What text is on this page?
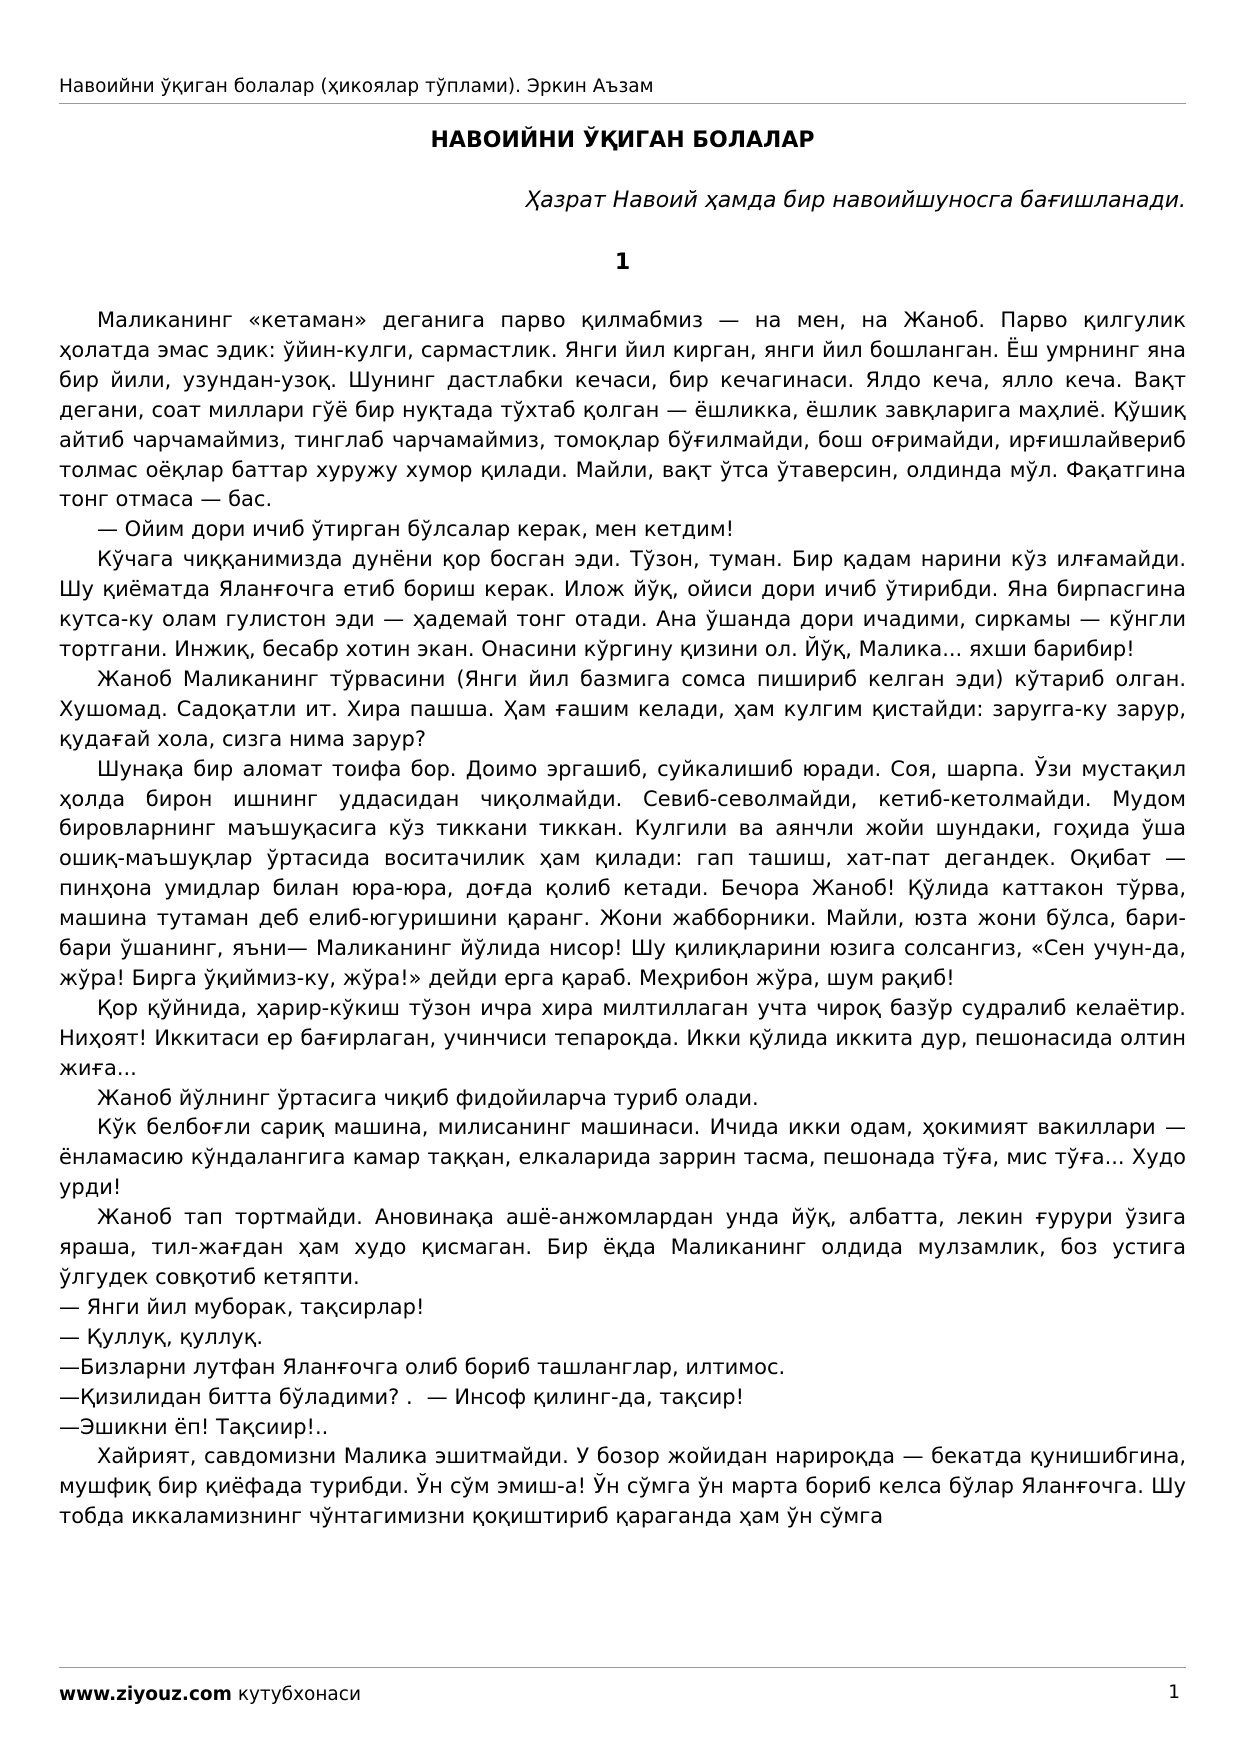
Навоийни ўқиган болалар (ҳикоялар тўплами). Эркин Аъзам
НАВОИЙНИ ЎҚИГАН БОЛАЛАР
Ҳазрат Навоий ҳамда бир навоийшуносга бағишланади.
1

Маликанинг «кетаман» деганига парво қилмабмиз — на мен, на Жаноб. Парво қилгулик ҳолатда эмас эдик: ўйин-кулги, сармастлик. Янги йил кирган, янги йил бошланган. Ёш умрнинг яна бир йили, узундан-узоқ. Шунинг дастлабки кечаси, бир кечагинаси. Ялдо кеча, ялло кеча. Вақт дегани, соат миллари гўё бир нуқтада тўхтаб қолган — ёшликка, ёшлик завқларига маҳлиё. Қўшиқ айтиб чарчамаймиз, тинглаб чарчамаймиз, томоқлар бўғилмайди, бош оғримайди, ирғишлайвериб толмас оёқлар баттар хуружу хумор қилади. Майли, вақт ўтса ўтаверсин, олдинда мўл. Фақатгина тонг отмаса — бас.

— Ойим дори ичиб ўтирган бўлсалар керак, мен кетдим!

Кўчага чиққанимизда дунёни қор босган эди. Тўзон, туман. Бир қадам нарини кўз илғамайди. Шу қиёматда Яланғочга етиб бориш керак. Илож йўқ, ойиси дори ичиб ўтирибди. Яна бирпасгина кутса-ку олам гулистон эди — ҳадемай тонг отади. Ана ўшанда дори ичадими, сиркамы — кўнгли тортгани. Инжиқ, бесабр хотин экан. Онасини кўргину қизини ол. Йўқ, Малика... яхши барибир!

Жаноб Маликанинг тўрвасини (Янги йил базмига сомса пишириб келган эди) кўтариб олган. Хушомад. Садоқатли ит. Хира пашша. Ҳам ғашим келади, ҳам кулгим қистайди: заруrга-ку зарур, қудағай хола, сизга нима зарур?

Шунақа бир аломат тоифа бор. Доимо эргашиб, суйкалишиб юради. Соя, шарпа. Ўзи мустақил ҳолда бирон ишнинг уддасидан чиқолмайди. Севиб-севолмайди, кетиб-кетолмайди. Мудом бировларнинг маъшуқасига кўз тиккани тиккан. Кулгили ва аянчли жойи шундаки, гоҳида ўша ошиқ-маъшуқлар ўртасида воситачилик ҳам қилади: гап ташиш, хат-пат дегандек. Оқибат — пинҳона умидлар билан юра-юра, доғда қолиб кетади. Бечора Жаноб! Қўлида каттакон тўрва, машина тутаман деб елиб-югуришини қаранг. Жони жабборники. Майли, юзта жони бўлса, бари-бари ўшанинг, яъни— Маликанинг йўлида нисор! Шу қилиқларини юзига солсангиз, «Сен учун-да, жўра! Бирга ўқиймиз-ку, жўра!» дейди ерга қараб. Меҳрибон жўра, шум рақиб!

Қор қўйнида, ҳарир-кўкиш тўзон ичра хира милтиллаган учта чироқ базўр судралиб келаётир. Ниҳоят! Иккитаси ер бағирлаган, учинчиси тепароқда. Икки қўлида иккита дур, пешонасида олтин жиға...

Жаноб йўлнинг ўртасига чиқиб фидойиларча туриб олади.

Кўк белбоғли сариқ машина, милисанинг машинаси. Ичида икки одам, ҳокимият вакиллари — ёнламасию кўндалангига камар таққан, елкаларида заррин тасма, пешонада тўға, мис тўға... Худо урди!

Жаноб тап тортмайди. Ановинақа ашё-анжомлардан унда йўқ, албатта, лекин ғурури ўзига яраша, тил-жағдан ҳам худо қисмаган. Бир ёқда Маликанинг олдида мулзамлик, боз устига ўлгудек совқотиб кетяпти.

— Янги йил муборак, тақсирлар!

— Қуллуқ, қуллуқ.

—Бизларни лутфан Яланғочга олиб бориб ташланглар, илтимос.

—Қизилидан битта бўладими? . — Инсоф қилинг-да, тақсир!

—Эшикни ёп! Тақсиир!..

Хайрият, савдомизни Малика эшитмайди. У бозор жойидан нарироқда — бекатда қунишибгина, мушфиқ бир қиёфада турибди. Ўн сўм эмиш-а! Ўн сўмга ўн марта бориб келса бўлар Яланғочга. Шу тобда иккаламизнинг чўнтагимизни қоқиштириб қараганда ҳам ўн сўмга

www.ziyouz.com кутубхонаси	1
